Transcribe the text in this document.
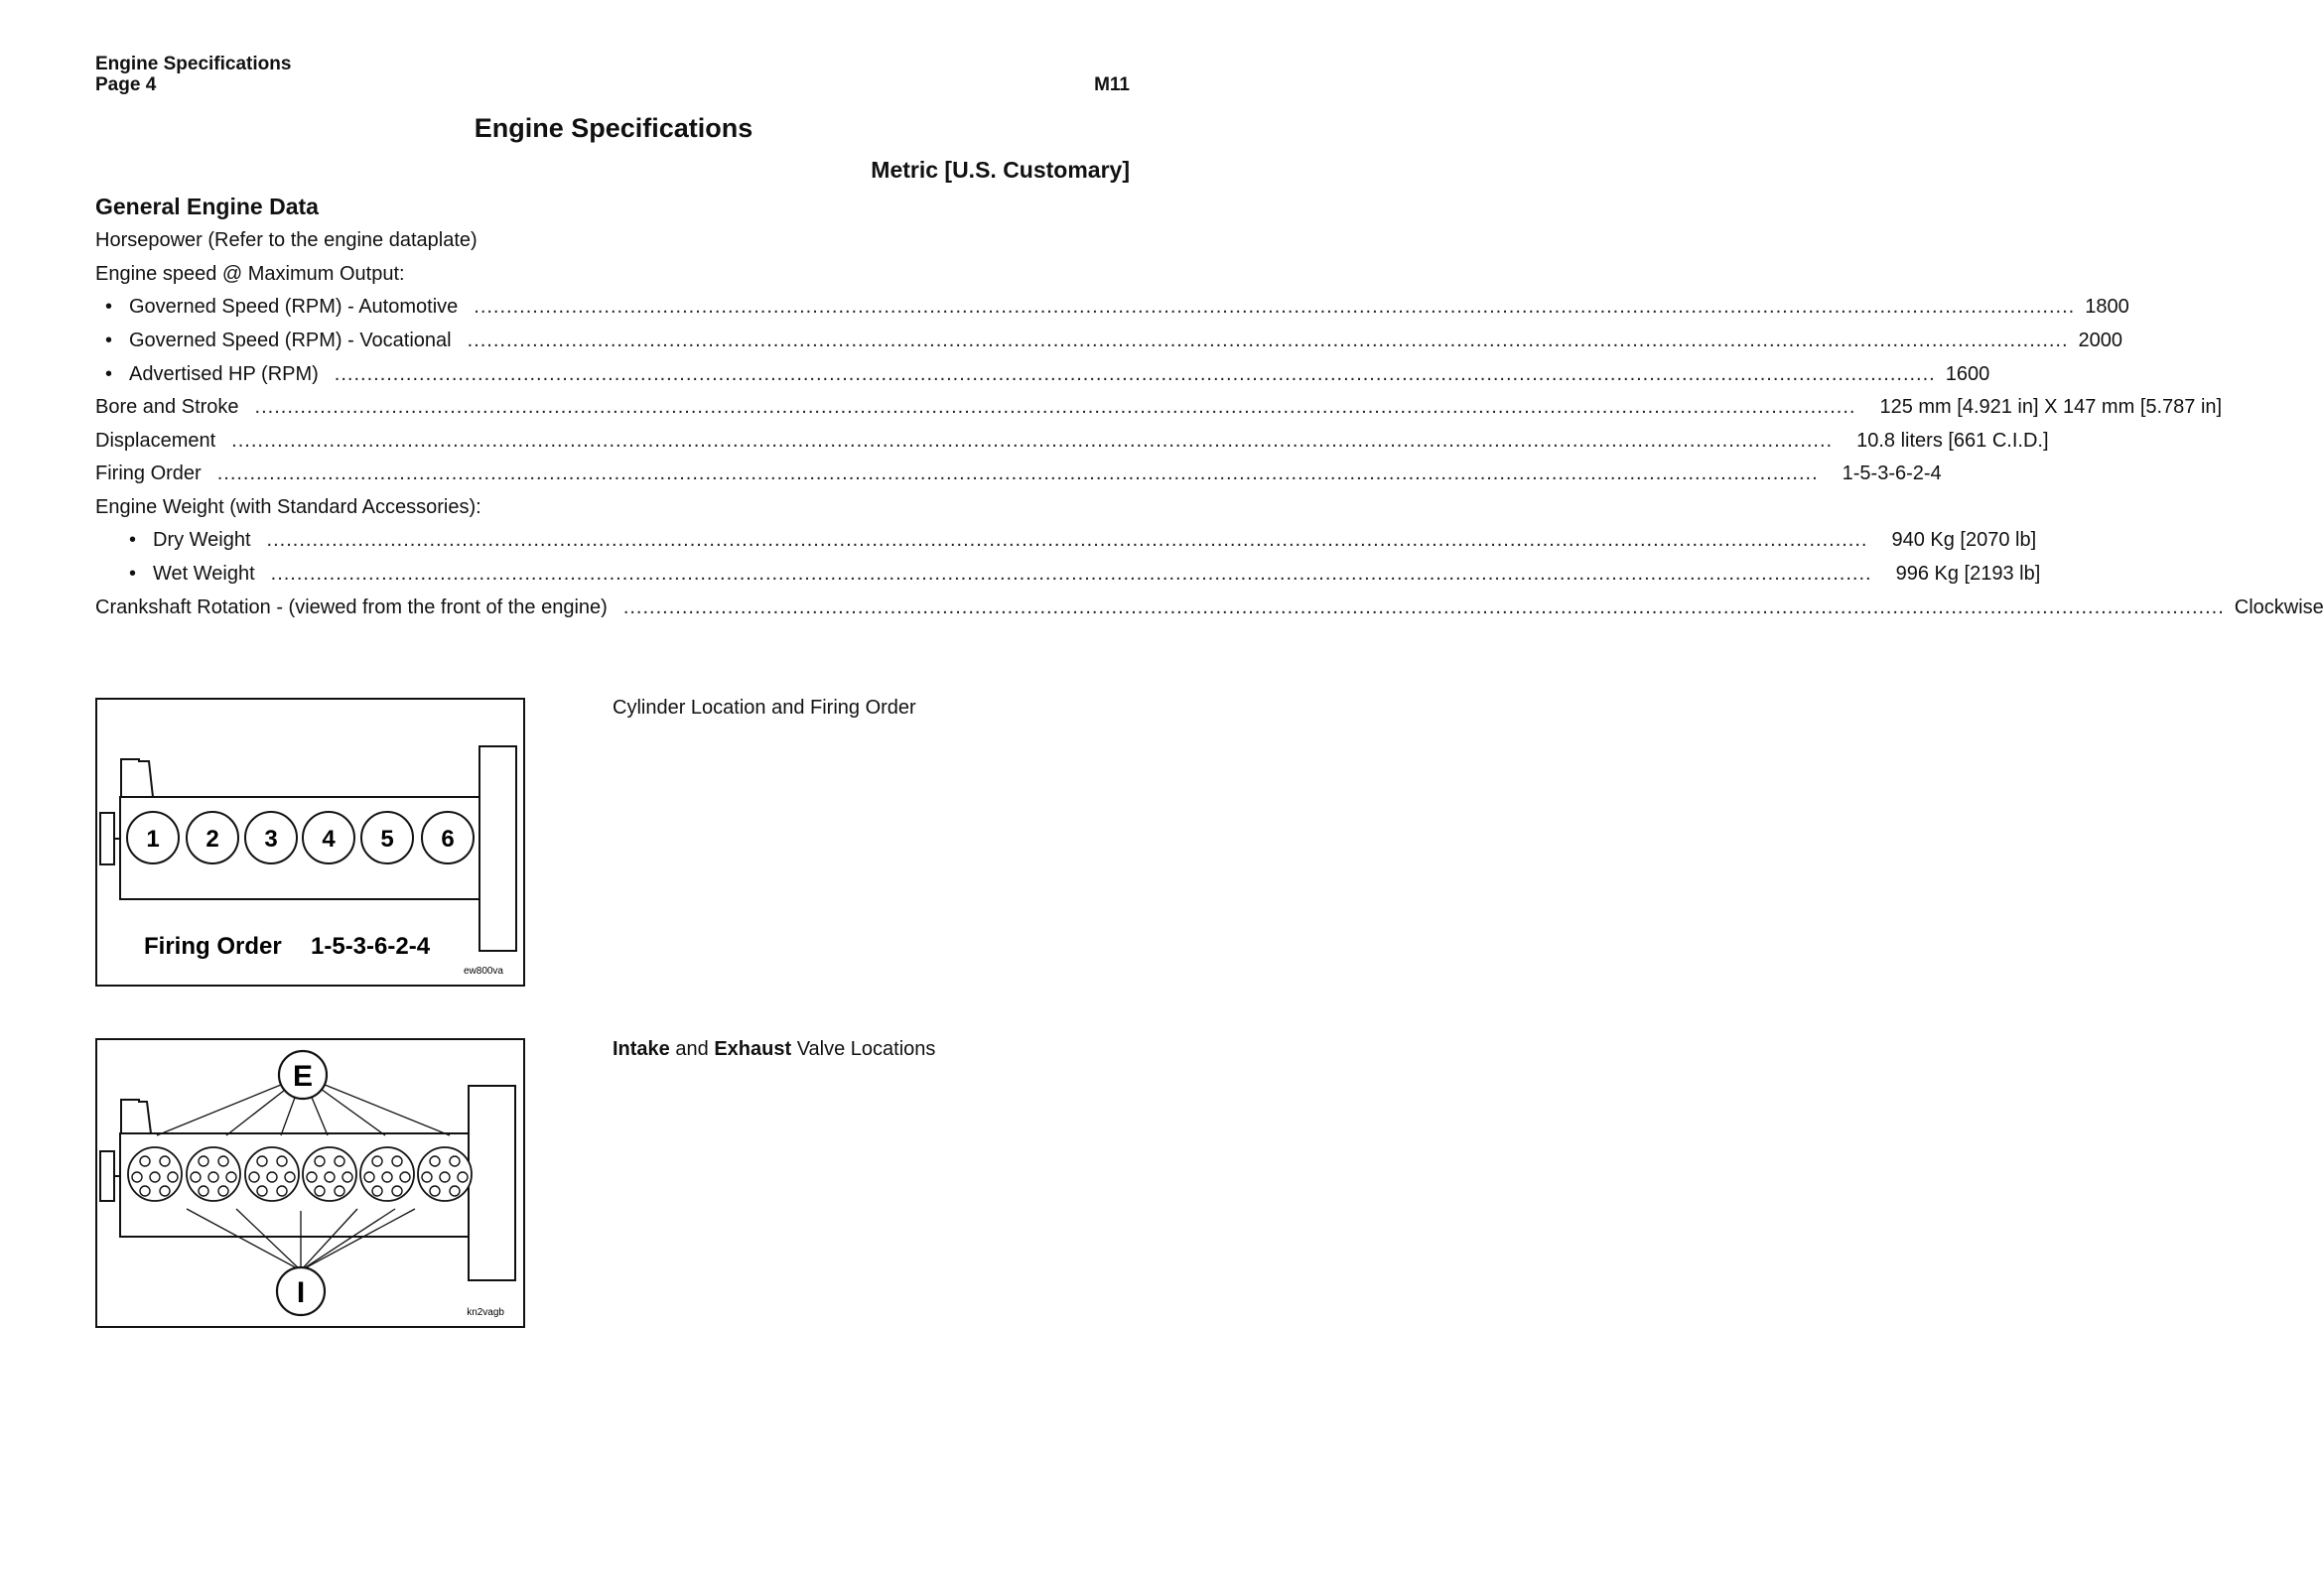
Engine Specifications
Page 4	M11
Engine Specifications
Metric [U.S. Customary]
General Engine Data
Horsepower (Refer to the engine dataplate)
Engine speed @ Maximum Output:
• Governed Speed (RPM) - Automotive ...................................................................................................................................................................................................................................................... 1800
• Governed Speed (RPM) - Vocational ...................................................................................................................................................................................................................................................... 2000
• Advertised HP (RPM) ...................................................................................................................................................................................................................................................... 1600
Bore and Stroke ...................................................................................................................................................................................................................................................... 125 mm [4.921 in] X 147 mm [5.787 in]
Displacement ...................................................................................................................................................................................................................................................... 10.8 liters [661 C.I.D.]
Firing Order ...................................................................................................................................................................................................................................................... 1-5-3-6-2-4
Engine Weight (with Standard Accessories):
• Dry Weight ...................................................................................................................................................................................................................................................... 940 Kg [2070 lb]
• Wet Weight ...................................................................................................................................................................................................................................................... 996 Kg [2193 lb]
Crankshaft Rotation - (viewed from the front of the engine) ...................................................................................................................................................................................................................................................... Clockwise
1 2 3 4 5 6
Firing Order 1-5-3-6-2-4
ew800va
Cylinder Location and Firing Order
E
I
kn2vagb
Intake and Exhaust Valve Locations
